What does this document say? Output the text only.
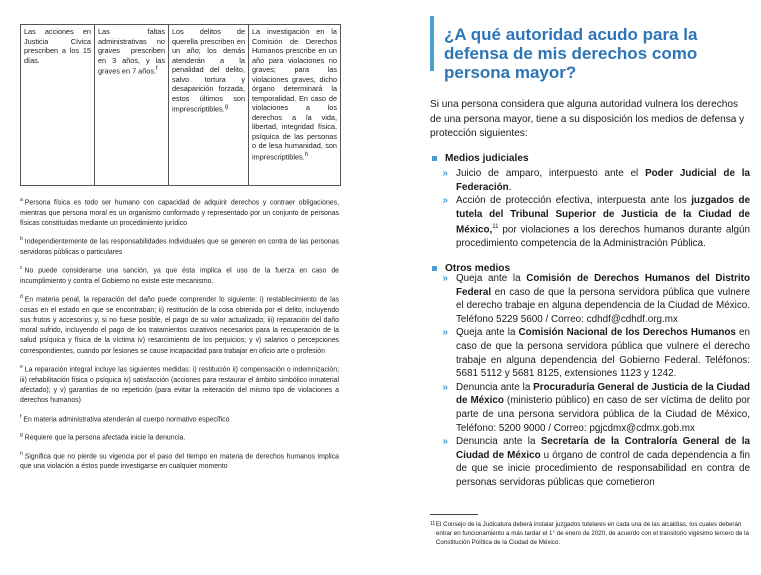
Las acciones en Justicia Cívica prescriben a los 15 días.
Las faltas administrativas no graves prescriben en 3 años, y las graves en 7 años.$^f$
Los delitos de querella prescriben en un año; los demás atenderán a la penalidad del delito, salvo tortura y desaparición forzada, estos últimos son imprescriptibles.$^g$
La investigación en la Comisión de Derechos Humanos prescribe en un año para violaciones no graves; para las violaciones graves, dicho órgano determinará la temporalidad. En caso de violaciones a los derechos a la vida, libertad, integridad física, psíquica de las personas o de lesa humanidad, son imprescriptibles.$^h$

$^a$ Persona física es todo ser humano con capacidad de adquirir derechos y contraer obligaciones, mientras que persona moral es un organismo conformado y representado por un conjunto de personas físicas constituidas mediante un procedimiento jurídico

$^b$ Independientemente de las responsabilidades individuales que se generen en contra de las personas servidoras públicas o particulares

$^c$ No puede considerarse una sanción, ya que ésta implica el uso de la fuerza en caso de incumplimiento y contra el Gobierno no existe este mecanismo.

$^d$ En materia penal, la reparación del daño puede comprender lo siguiente: i) restablecimiento de las cosas en el estado en que se encontraban; ii) restitución de la cosa obtenida por el delito, incluyendo sus frutos y accesorios y, si no fuese posible, el pago de su valor actualizado; iii) reparación del daño moral sufrido, incluyendo el pago de los tratamientos curativos necesarios para la recuperación de la salud psíquica y física de la víctima iv) resarcimiento de los perjuicios; y v) salarios o percepciones correspondientes, cuando por lesiones se cause incapacidad para trabajar en oficio arte o profesión

$^e$ La reparación integral incluye las siguientes medidas: i) restitución ii) compensación o indemnización; iii) rehabilitación física o psíquica iv) satisfacción (acciones para restaurar el ámbito simbólico inmaterial afectado); y v) garantías de no repetición (para evitar la reiteración del mismo tipo de violaciones a derechos humanos)

$^f$ En materia administrativa atenderán al cuerpo normativo específico

$^g$ Requiere que la persona afectada inicie la denuncia.

$^h$ Significa que no pierde su vigencia por el paso del tiempo en materia de derechos humanos implica que una violación a éstos puede investigarse en cualquier momento

¿A qué autoridad acudo para la defensa de mis derechos como persona mayor?
Si una persona considera que alguna autoridad vulnera los derechos de una persona mayor, tiene a su disposición los medios de defensa y protección siguientes:
Medios judiciales
» Juicio de amparo, interpuesto ante el Poder Judicial de la Federación.
» Acción de protección efectiva, interpuesta ante los juzgados de tutela del Tribunal Superior de Justicia de la Ciudad de México,$^{11}$ por violaciones a los derechos humanos durante algún procedimiento competencia de la Administración Pública.
Otros medios
» Queja ante la Comisión de Derechos Humanos del Distrito Federal en caso de que la persona servidora pública que vulnere el derecho trabaje en alguna dependencia de la Ciudad de México. Teléfono 5229 5600 / Correo: cdhdf@cdhdf.org.mx
» Queja ante la Comisión Nacional de los Derechos Humanos en caso de que la persona servidora pública que vulnere el derecho trabaje en alguna dependencia del Gobierno Federal. Teléfonos: 5681 5112 y 5681 8125, extensiones 1123 y 1242.
» Denuncia ante la Procuraduría General de Justicia de la Ciudad de México (ministerio público) en caso de ser víctima de delito por parte de una persona servidora pública de la Ciudad de México, Teléfono: 5200 9000 / Correo: pgjcdmx@cdmx.gob.mx
» Denuncia ante la Secretaría de la Contraloría General de la Ciudad de México u órgano de control de cada dependencia a fin de que se inicie procedimiento de responsabilidad en contra de personas servidoras públicas que cometieron
11 El Consejo de la Judicatura deberá instalar juzgados tutelares en cada una de las alcaldías, los cuales deberán entrar en funcionamiento a más tardar el 1° de enero de 2020, de acuerdo con el transitorio vigésimo tercero de la Constitución Política de la Ciudad de México.
